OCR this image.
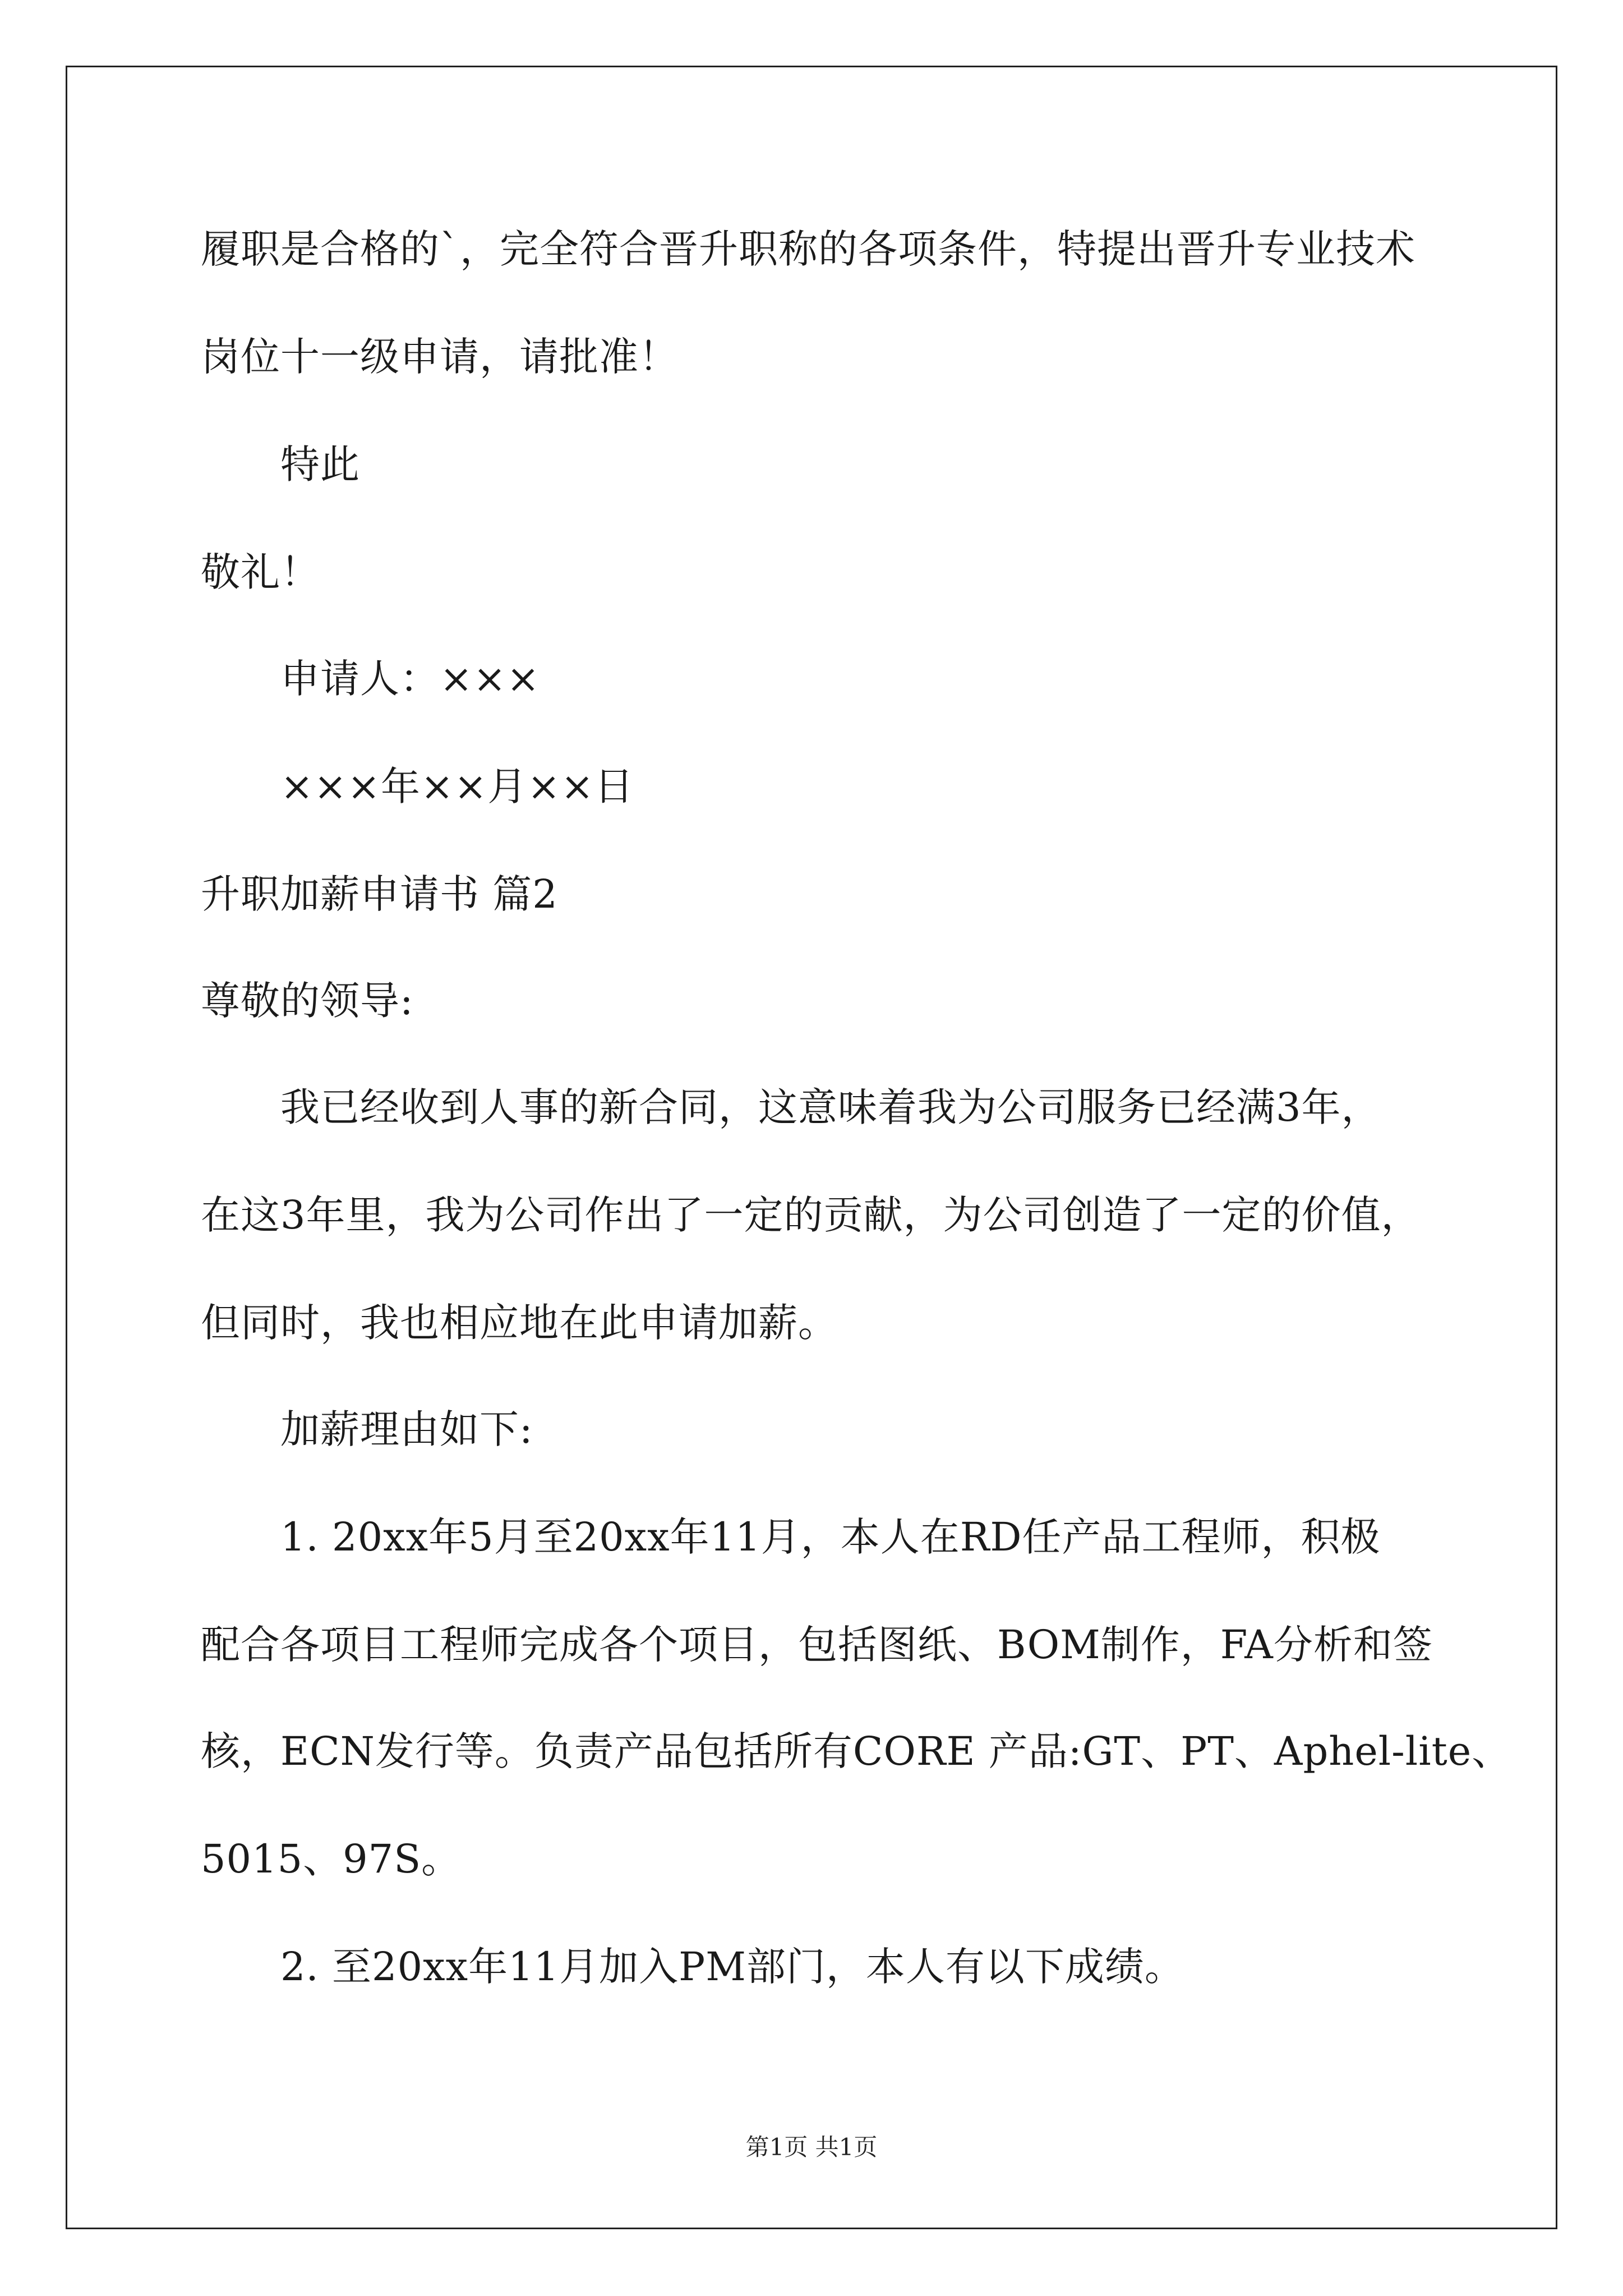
履职是合格的`，完全符合晋升职称的各项条件，特提出晋升专业技术
岗位十一级申请，请批准！
特此
敬礼！
申请人：×××
×××年××月××日
升职加薪申请书 篇2
尊敬的领导:
我已经收到人事的新合同，这意味着我为公司服务已经满3年，
在这3年里，我为公司作出了一定的贡献，为公司创造了一定的价值，
但同时，我也相应地在此申请加薪。
加薪理由如下:
1. 20xx年5月至20xx年11月，本人在RD任产品工程师，积极
配合各项目工程师完成各个项目，包括图纸、BOM制作，FA分析和签
核，ECN发行等。负责产品包括所有CORE 产品:GT、PT、Aphel-lite、
5015、97S。
2. 至20xx年11月加入PM部门，本人有以下成绩。
第1页 共1页
